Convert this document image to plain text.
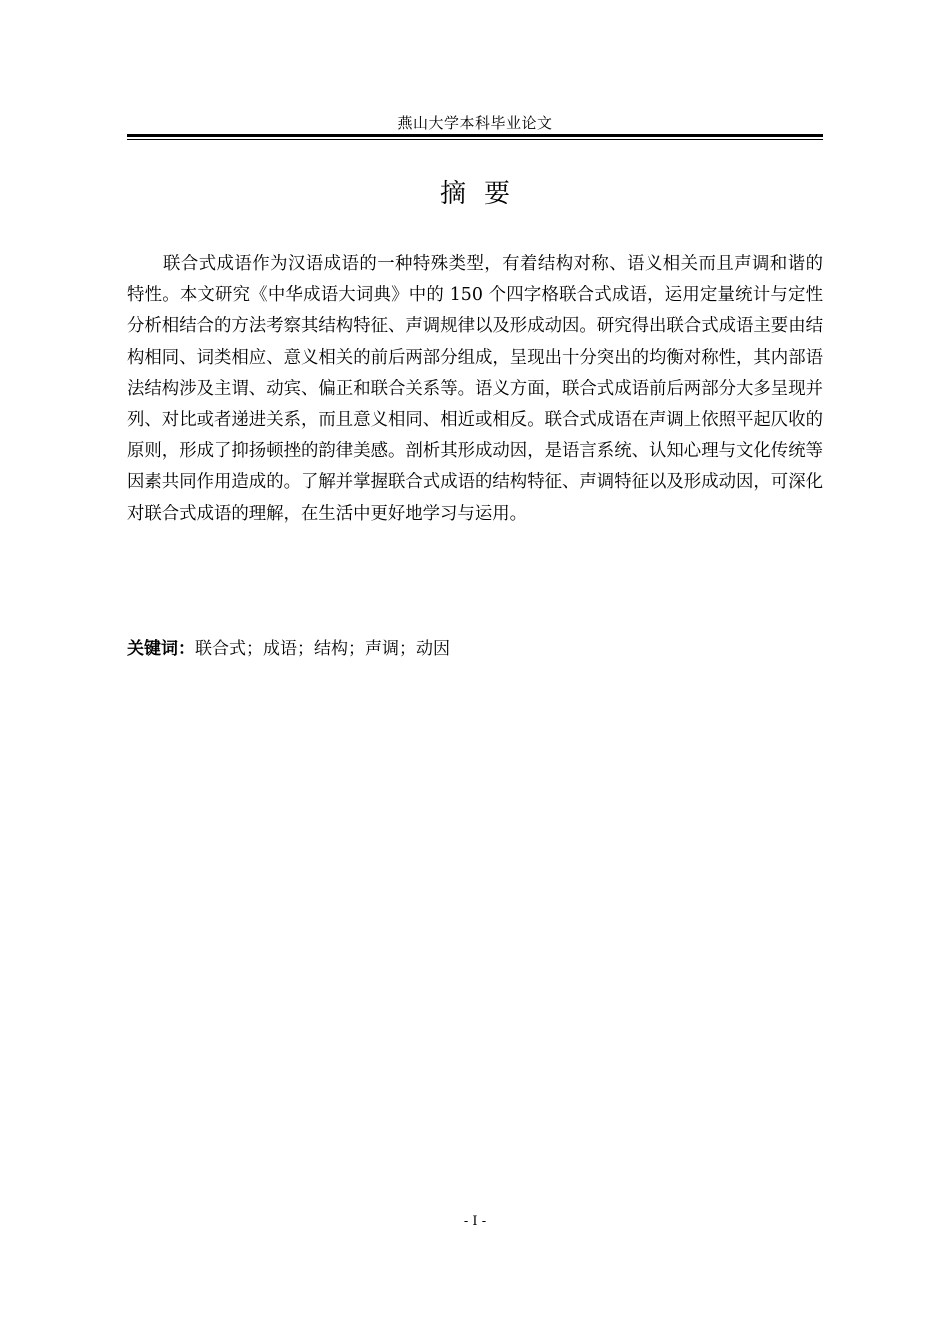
燕山大学本科毕业论文
摘要

联合式成语作为汉语成语的一种特殊类型，有着结构对称、语义相关而且声调和谐的特性。本文研究《中华成语大词典》中的 150 个四字格联合式成语，运用定量统计与定性分析相结合的方法考察其结构特征、声调规律以及形成动因。研究得出联合式成语主要由结构相同、词类相应、意义相关的前后两部分组成，呈现出十分突出的均衡对称性，其内部语法结构涉及主谓、动宾、偏正和联合关系等。语义方面，联合式成语前后两部分大多呈现并列、对比或者递进关系，而且意义相同、相近或相反。联合式成语在声调上依照平起仄收的原则，形成了抑扬顿挫的韵律美感。剖析其形成动因，是语言系统、认知心理与文化传统等因素共同作用造成的。了解并掌握联合式成语的结构特征、声调特征以及形成动因，可深化对联合式成语的理解，在生活中更好地学习与运用。

关键词：联合式；成语；结构；声调；动因

- I -
